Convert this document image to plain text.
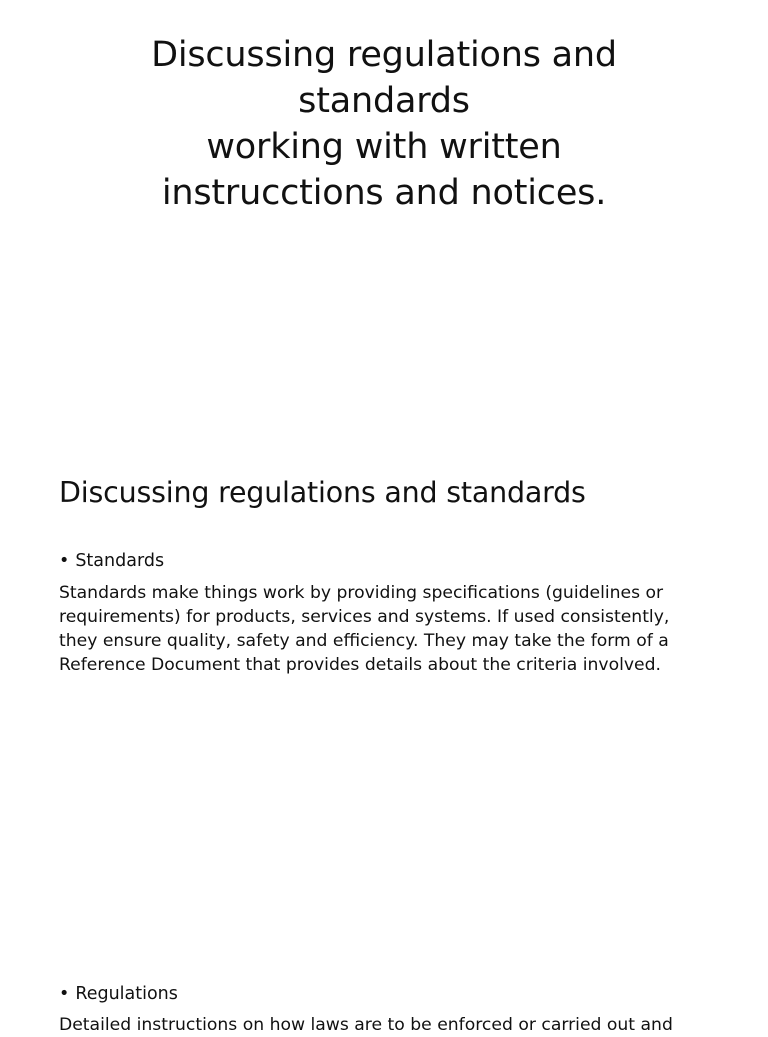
Discussing regulations and
standards
working with written
instrucctions and notices.
Discussing regulations and standards
• Standards
Standards make things work by providing specifications (guidelines or
requirements) for products, services and systems. If used consistently,
they ensure quality, safety and efficiency. They may take the form of a
Reference Document that provides details about the criteria involved.
• Regulations
Detailed instructions on how laws are to be enforced or carried out and
